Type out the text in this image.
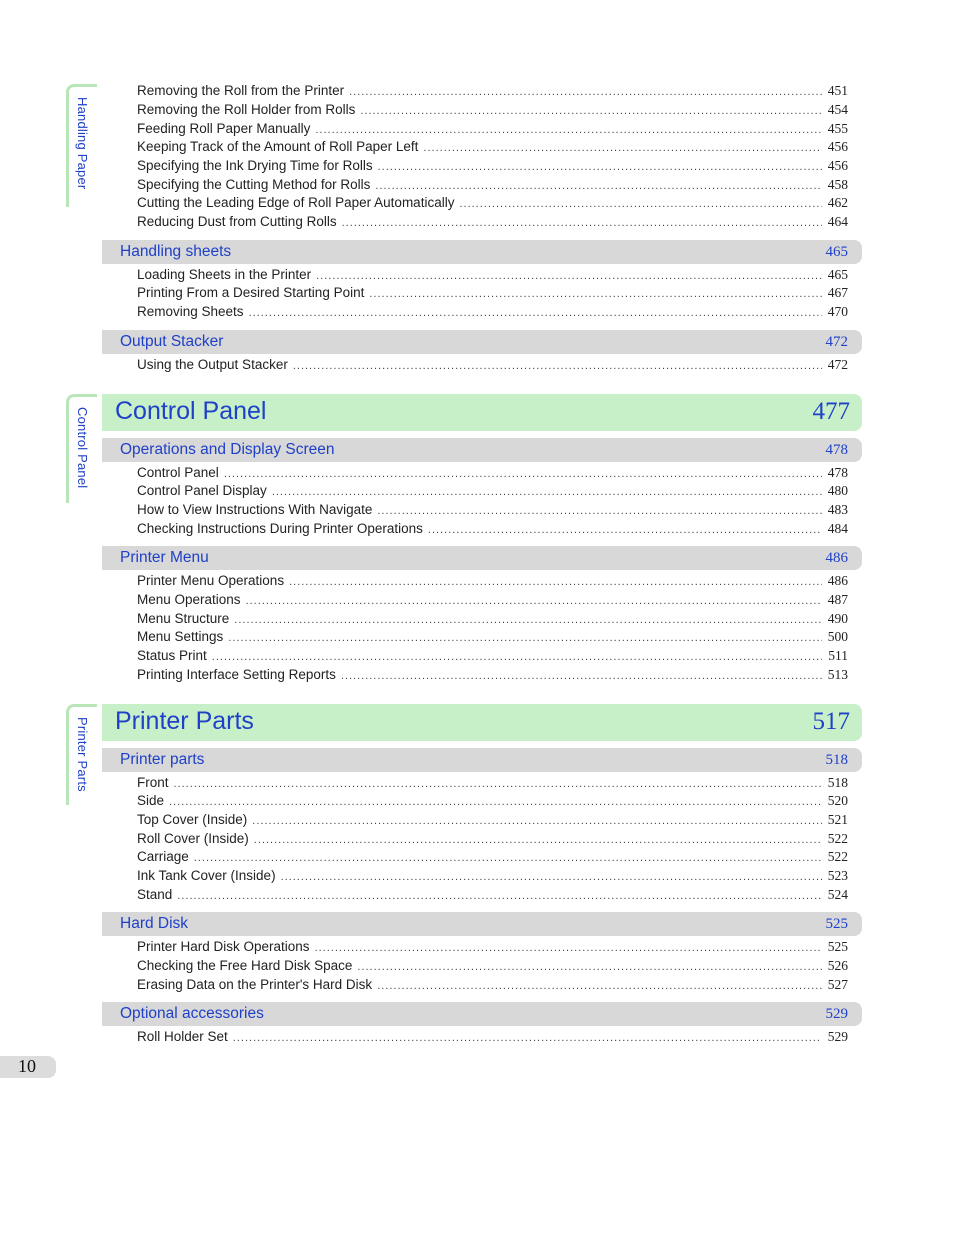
Handling Paper
Control Panel
Printer Parts
Removing the Roll from the Printer .....	451
Removing the Roll Holder from Rolls .....	454
Feeding Roll Paper Manually .....	455
Keeping Track of the Amount of Roll Paper Left .....	456
Specifying the Ink Drying Time for Rolls .....	456
Specifying the Cutting Method for Rolls .....	458
Cutting the Leading Edge of Roll Paper Automatically .....	462
Reducing Dust from Cutting Rolls .....	464
Handling sheets	465
Loading Sheets in the Printer .....	465
Printing From a Desired Starting Point .....	467
Removing Sheets .....	470
Output Stacker	472
Using the Output Stacker .....	472
Control Panel	477
Operations and Display Screen	478
Control Panel .....	478
Control Panel Display .....	480
How to View Instructions With Navigate .....	483
Checking Instructions During Printer Operations .....	484
Printer Menu	486
Printer Menu Operations .....	486
Menu Operations .....	487
Menu Structure .....	490
Menu Settings .....	500
Status Print .....	511
Printing Interface Setting Reports .....	513
Printer Parts	517
Printer parts	518
Front .....	518
Side .....	520
Top Cover (Inside) .....	521
Roll Cover (Inside) .....	522
Carriage .....	522
Ink Tank Cover (Inside) .....	523
Stand .....	524
Hard Disk	525
Printer Hard Disk Operations .....	525
Checking the Free Hard Disk Space .....	526
Erasing Data on the Printer's Hard Disk .....	527
Optional accessories	529
Roll Holder Set .....	529
10
